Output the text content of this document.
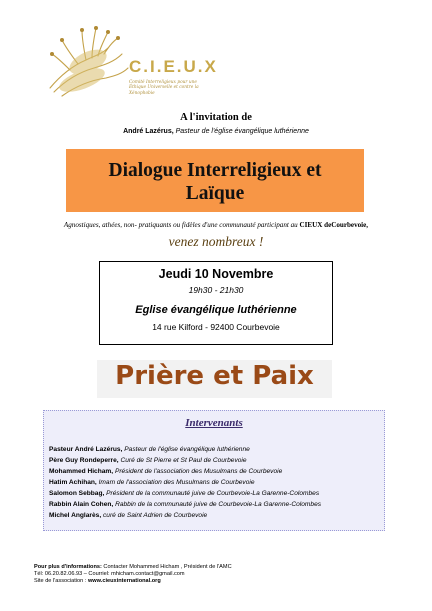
C.I.E.U.X
Comité Interreligieux pour une Éthique Universelle et contre la Xénophobie
A l'invitation de
André Lazérus, Pasteur de l'église évangélique luthérienne
Dialogue Interreligieux et
Laïque
Agnostiques, athées, non- pratiquants ou fidèles d'une communauté participant au CIEUX deCourbevoie,
venez nombreux !
Jeudi 10 Novembre
19h30 - 21h30
Eglise évangélique luthérienne
14 rue Kilford - 92400 Courbevoie
Prière et Paix
Intervenants
Pasteur André Lazérus, Pasteur de l'église évangélique luthérienne
Père Guy Rondeperre, Curé de St Pierre et St Paul de Courbevoie
Mohammed Hicham, Président de l'association des Musulmans de Courbevoie
Hatim Achihan, Imam de l'association des Musulmans de Courbevoie
Salomon Sebbag, Président de la communauté juive de Courbevoie-La Garenne-Colombes
Rabbin Alain Cohen, Rabbin de la communauté juive de Courbevoie-La Garenne-Colombes
Michel Anglarès, curé de Saint Adrien de Courbevoie
Pour plus d'informations: Contacter Mohammed Hicham , Président de l'AMC
Tél: 06.20.82.06.93 – Courriel: mhicham.contact@gmail.com
Site de l'association : www.cieuxinternational.org
